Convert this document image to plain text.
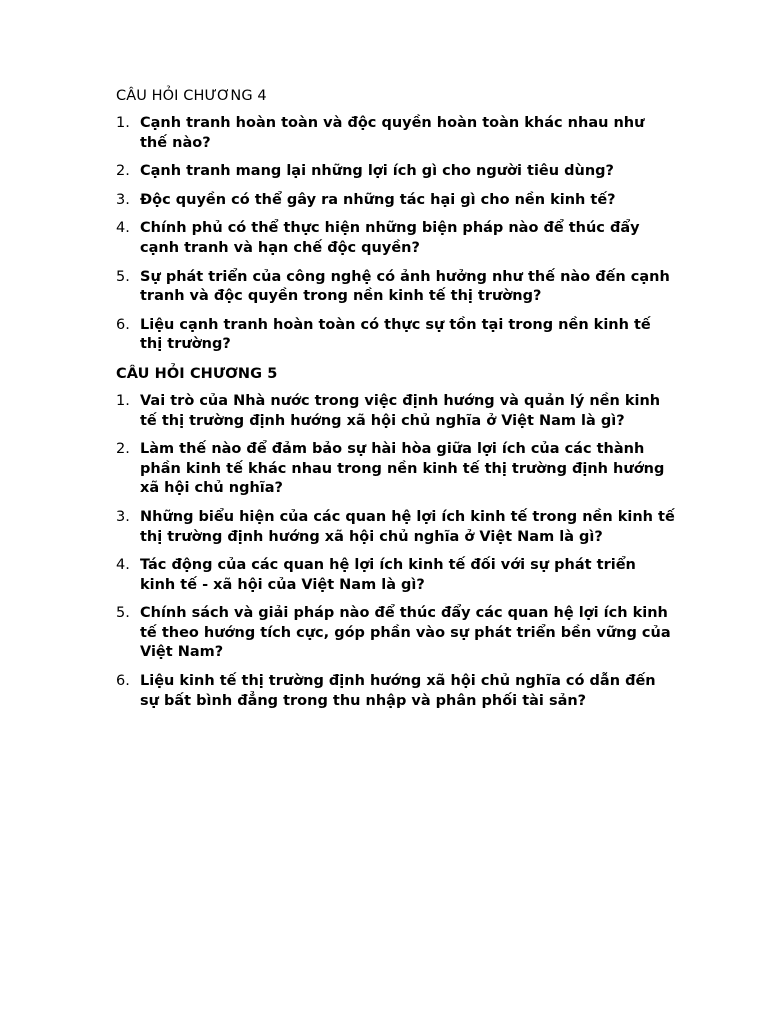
CÂU HỎI CHƯƠNG 4
1. Cạnh tranh hoàn toàn và độc quyền hoàn toàn khác nhau như thế nào?
2. Cạnh tranh mang lại những lợi ích gì cho người tiêu dùng?
3. Độc quyền có thể gây ra những tác hại gì cho nền kinh tế?
4. Chính phủ có thể thực hiện những biện pháp nào để thúc đẩy cạnh tranh và hạn chế độc quyền?
5. Sự phát triển của công nghệ có ảnh hưởng như thế nào đến cạnh tranh và độc quyền trong nền kinh tế thị trường?
6. Liệu cạnh tranh hoàn toàn có thực sự tồn tại trong nền kinh tế thị trường?
CÂU HỎI CHƯƠNG 5
1. Vai trò của Nhà nước trong việc định hướng và quản lý nền kinh tế thị trường định hướng xã hội chủ nghĩa ở Việt Nam là gì?
2. Làm thế nào để đảm bảo sự hài hòa giữa lợi ích của các thành phần kinh tế khác nhau trong nền kinh tế thị trường định hướng xã hội chủ nghĩa?
3. Những biểu hiện của các quan hệ lợi ích kinh tế trong nền kinh tế thị trường định hướng xã hội chủ nghĩa ở Việt Nam là gì?
4. Tác động của các quan hệ lợi ích kinh tế đối với sự phát triển kinh tế - xã hội của Việt Nam là gì?
5. Chính sách và giải pháp nào để thúc đẩy các quan hệ lợi ích kinh tế theo hướng tích cực, góp phần vào sự phát triển bền vững của Việt Nam?
6. Liệu kinh tế thị trường định hướng xã hội chủ nghĩa có dẫn đến sự bất bình đẳng trong thu nhập và phân phối tài sản?
